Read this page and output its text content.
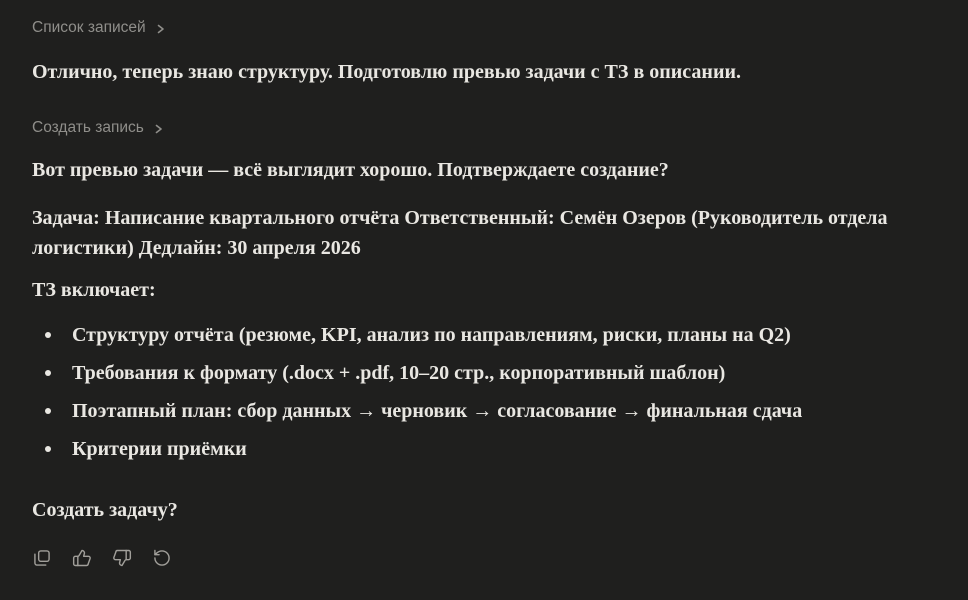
Список записей

Отлично, теперь знаю структуру. Подготовлю превью задачи с ТЗ в описании.

Создать запись

Вот превью задачи — всё выглядит хорошо. Подтверждаете создание?

Задача: Написание квартального отчёта Ответственный: Семён Озеров (Руководитель отдела логистики) Дедлайн: 30 апреля 2026

ТЗ включает:

Структуру отчёта (резюме, KPI, анализ по направлениям, риски, планы на Q2)
Требования к формату (.docx + .pdf, 10–20 стр., корпоративный шаблон)
Поэтапный план: сбор данных → черновик → согласование → финальная сдача
Критерии приёмки

Создать задачу?
